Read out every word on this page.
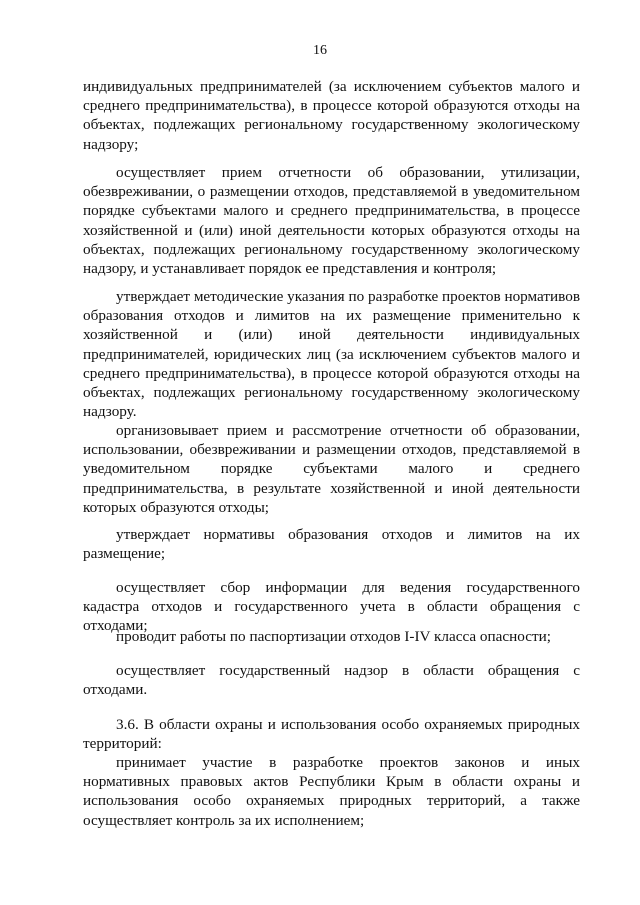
16

индивидуальных предпринимателей (за исключением субъектов малого и среднего предпринимательства), в процессе которой образуются отходы на объектах, подлежащих региональному государственному экологическому надзору;

осуществляет прием отчетности об образовании, утилизации, обезвреживании, о размещении отходов, представляемой в уведомительном порядке субъектами малого и среднего предпринимательства, в процессе хозяйственной и (или) иной деятельности которых образуются отходы на объектах, подлежащих региональному государственному экологическому надзору, и устанавливает порядок ее представления и контроля;

утверждает методические указания по разработке проектов нормативов образования отходов и лимитов на их размещение применительно к хозяйственной и (или) иной деятельности индивидуальных предпринимателей, юридических лиц (за исключением субъектов малого и среднего предпринимательства), в процессе которой образуются отходы на объектах, подлежащих региональному государственному экологическому надзору.

организовывает прием и рассмотрение отчетности об образовании, использовании, обезвреживании и размещении отходов, представляемой в уведомительном порядке субъектами малого и среднего предпринимательства, в результате хозяйственной и иной деятельности которых образуются отходы;

утверждает нормативы образования отходов и лимитов на их размещение;

осуществляет сбор информации для ведения государственного кадастра отходов и государственного учета в области обращения с отходами;

проводит работы по паспортизации отходов I-IV класса опасности;

осуществляет государственный надзор в области обращения с отходами.

3.6. В области охраны и использования особо охраняемых природных территорий:

принимает участие в разработке проектов законов и иных нормативных правовых актов Республики Крым в области охраны и использования особо охраняемых природных территорий, а также осуществляет контроль за их исполнением;
